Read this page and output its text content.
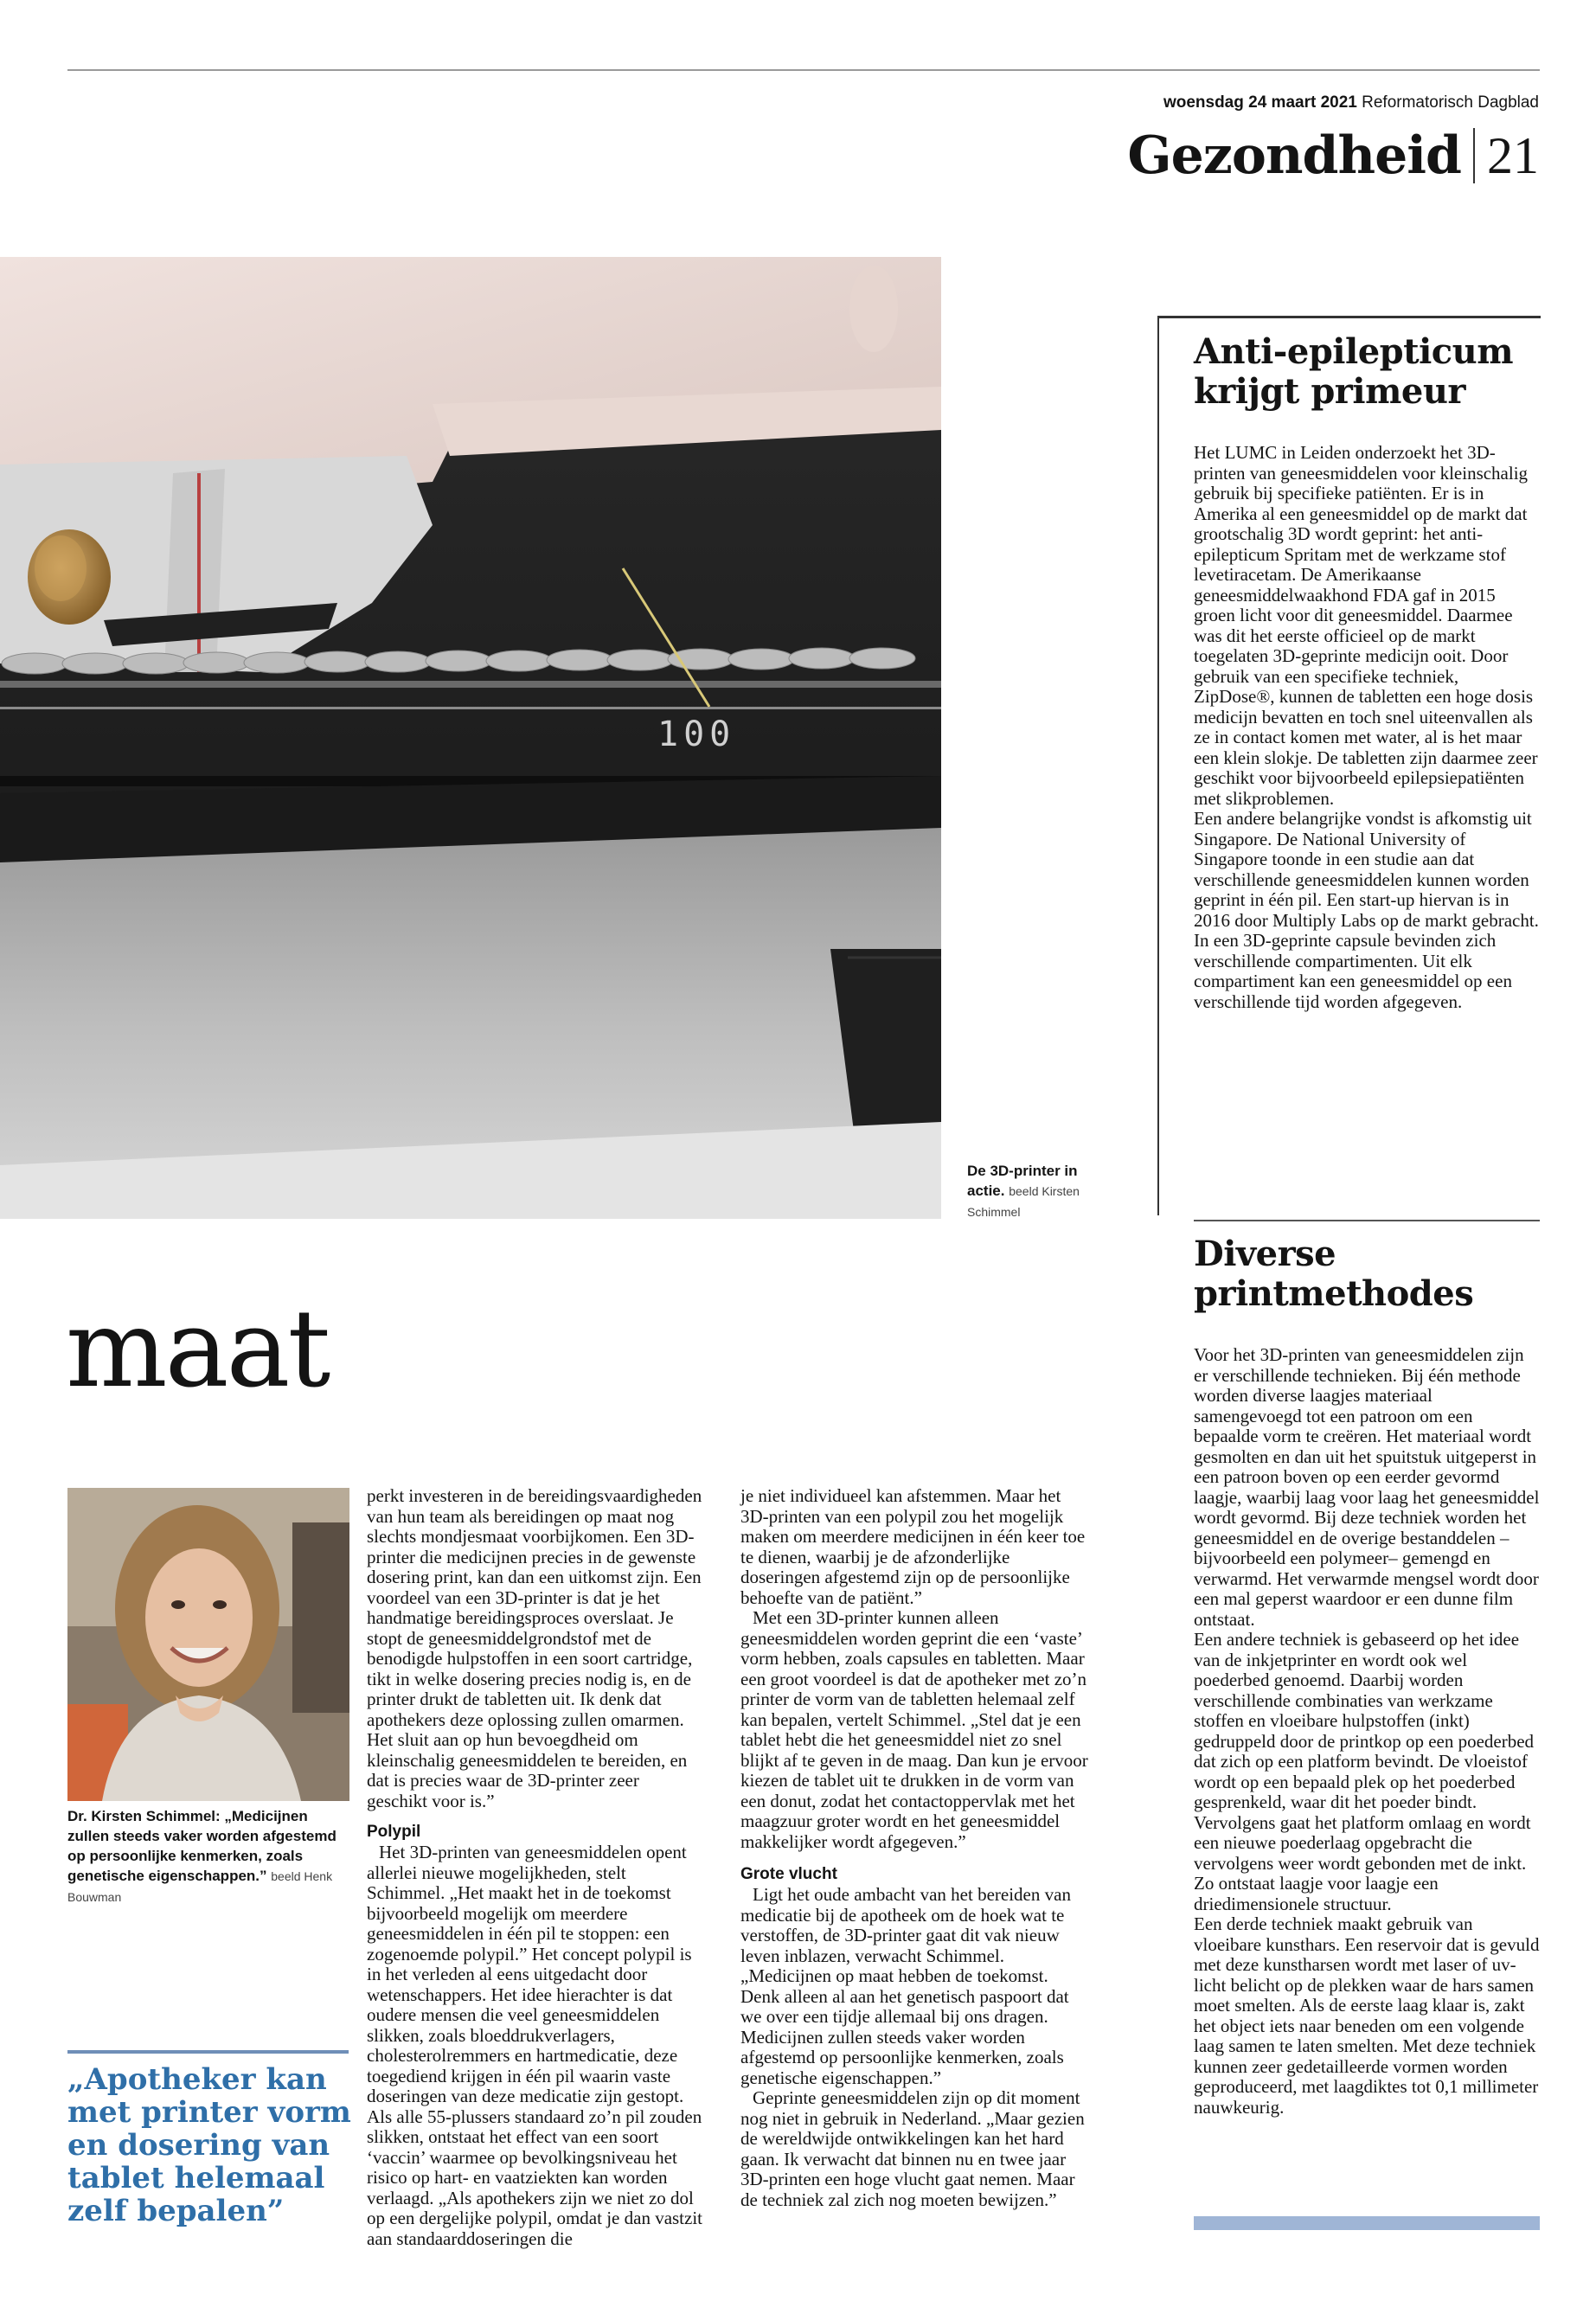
woensdag 24 maart 2021 Reformatorisch Dagblad
Gezondheid 21
100
De 3D-printer in actie. beeld Kirsten Schimmel
Anti-epilepticum
krijgt primeur

Het LUMC in Leiden onderzoekt het 3D-printen van geneesmiddelen voor kleinschalig gebruik bij specifieke patiënten. Er is in Amerika al een geneesmiddel op de markt dat grootschalig 3D wordt geprint: het anti-epilepticum Spritam met de werkzame stof levetiracetam. De Amerikaanse geneesmiddelwaakhond FDA gaf in 2015 groen licht voor dit geneesmiddel. Daarmee was dit het eerste officieel op de markt toegelaten 3D-geprinte medicijn ooit. Door gebruik van een specifieke techniek, ZipDose®, kunnen de tabletten een hoge dosis medicijn bevatten en toch snel uiteenvallen als ze in contact komen met water, al is het maar een klein slokje. De tabletten zijn daarmee zeer geschikt voor bijvoorbeeld epilepsiepatiënten met slikproblemen.

Een andere belangrijke vondst is afkomstig uit Singapore. De National University of Singapore toonde in een studie aan dat verschillende geneesmiddelen kunnen worden geprint in één pil. Een start-up hiervan is in 2016 door Multiply Labs op de markt gebracht. In een 3D-geprinte capsule bevinden zich verschillende compartimenten. Uit elk compartiment kan een geneesmiddel op een verschillende tijd worden afgegeven.

Diverse
printmethodes

Voor het 3D-printen van geneesmiddelen zijn er verschillende technieken. Bij één methode worden diverse laagjes materiaal samengevoegd tot een patroon om een bepaalde vorm te creëren. Het materiaal wordt gesmolten en dan uit het spuitstuk uitgeperst in een patroon boven op een eerder gevormd laagje, waarbij laag voor laag het geneesmiddel wordt gevormd. Bij deze techniek worden het geneesmiddel en de overige bestanddelen –bijvoorbeeld een polymeer– gemengd en verwarmd. Het verwarmde mengsel wordt door een mal geperst waardoor er een dunne film ontstaat.

Een andere techniek is gebaseerd op het idee van de inkjetprinter en wordt ook wel poederbed genoemd. Daarbij worden verschillende combinaties van werkzame stoffen en vloeibare hulpstoffen (inkt) gedruppeld door de printkop op een poederbed dat zich op een platform bevindt. De vloeistof wordt op een bepaald plek op het poederbed gesprenkeld, waar dit het poeder bindt. Vervolgens gaat het platform omlaag en wordt een nieuwe poederlaag opgebracht die vervolgens weer wordt gebonden met de inkt. Zo ontstaat laagje voor laagje een driedimensionele structuur.

Een derde techniek maakt gebruik van vloeibare kunsthars. Een reservoir dat is gevuld met deze kunstharsen wordt met laser of uv-licht belicht op de plekken waar de hars samen moet smelten. Als de eerste laag klaar is, zakt het object iets naar beneden om een volgende laag samen te laten smelten. Met deze techniek kunnen zeer gedetailleerde vormen worden geproduceerd, met laagdiktes tot 0,1 millimeter nauwkeurig.

maat
Dr. Kirsten Schimmel: „Medicijnen zullen steeds vaker worden afgestemd op persoonlijke kenmerken, zoals genetische eigenschappen.” beeld Henk Bouwman
„Apotheker kan met printer vorm en dosering van tablet helemaal zelf bepalen”

perkt investeren in de bereidingsvaardigheden van hun team als bereidingen op maat nog slechts mondjesmaat voorbijkomen. Een 3D-printer die medicijnen precies in de gewenste dosering print, kan dan een uitkomst zijn. Een voordeel van een 3D-printer is dat je het handmatige bereidingsproces overslaat. Je stopt de geneesmiddelgrondstof met de benodigde hulpstoffen in een soort cartridge, tikt in welke dosering precies nodig is, en de printer drukt de tabletten uit. Ik denk dat apothekers deze oplossing zullen omarmen. Het sluit aan op hun bevoegdheid om kleinschalig geneesmiddelen te bereiden, en dat is precies waar de 3D-printer zeer geschikt voor is.”

Polypil

Het 3D-printen van geneesmiddelen opent allerlei nieuwe mogelijkheden, stelt Schimmel. „Het maakt het in de toekomst bijvoorbeeld mogelijk om meerdere geneesmiddelen in één pil te stoppen: een zogenoemde polypil.” Het concept polypil is in het verleden al eens uitgedacht door wetenschappers. Het idee hierachter is dat oudere mensen die veel geneesmiddelen slikken, zoals bloeddrukverlagers, cholesterolremmers en hartmedicatie, deze toegediend krijgen in één pil waarin vaste doseringen van deze medicatie zijn gestopt. Als alle 55-plussers standaard zo’n pil zouden slikken, ontstaat het effect van een soort ‘vaccin’ waarmee op bevolkingsniveau het risico op hart- en vaatziekten kan worden verlaagd. „Als apothekers zijn we niet zo dol op een dergelijke polypil, omdat je dan vastzit aan standaarddoseringen die

je niet individueel kan afstemmen. Maar het 3D-printen van een polypil zou het mogelijk maken om meerdere medicijnen in één keer toe te dienen, waarbij je de afzonderlijke doseringen afgestemd zijn op de persoonlijke behoefte van de patiënt.”

Met een 3D-printer kunnen alleen geneesmiddelen worden geprint die een ‘vaste’ vorm hebben, zoals capsules en tabletten. Maar een groot voordeel is dat de apotheker met zo’n printer de vorm van de tabletten helemaal zelf kan bepalen, vertelt Schimmel. „Stel dat je een tablet hebt die het geneesmiddel niet zo snel blijkt af te geven in de maag. Dan kun je ervoor kiezen de tablet uit te drukken in de vorm van een donut, zodat het contactoppervlak met het maagzuur groter wordt en het geneesmiddel makkelijker wordt afgegeven.”

Grote vlucht

Ligt het oude ambacht van het bereiden van medicatie bij de apotheek om de hoek wat te verstoffen, de 3D-printer gaat dit vak nieuw leven inblazen, verwacht Schimmel. „Medicijnen op maat hebben de toekomst. Denk alleen al aan het genetisch paspoort dat we over een tijdje allemaal bij ons dragen. Medicijnen zullen steeds vaker worden afgestemd op persoonlijke kenmerken, zoals genetische eigenschappen.”

Geprinte geneesmiddelen zijn op dit moment nog niet in gebruik in Nederland. „Maar gezien de wereldwijde ontwikkelingen kan het hard gaan. Ik verwacht dat binnen nu en twee jaar 3D-printen een hoge vlucht gaat nemen. Maar de techniek zal zich nog moeten bewijzen.”
